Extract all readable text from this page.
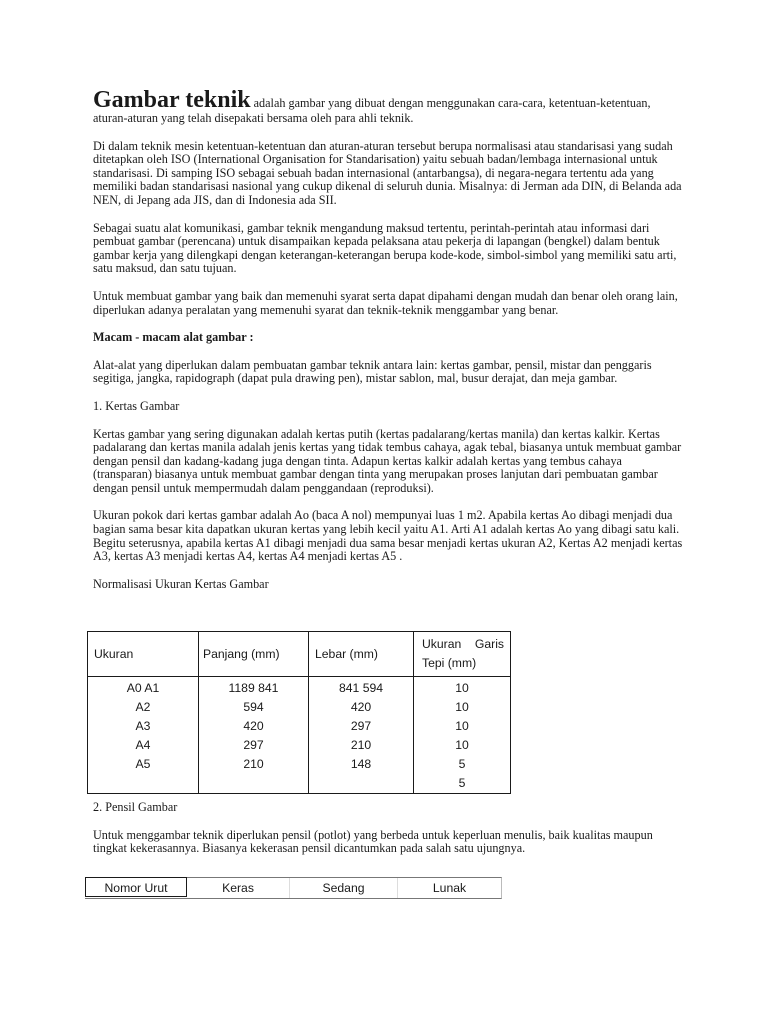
Gambar teknik adalah gambar yang dibuat dengan menggunakan cara-cara, ketentuan-ketentuan, aturan-aturan yang telah disepakati bersama oleh para ahli teknik.

Di dalam teknik mesin ketentuan-ketentuan dan aturan-aturan tersebut berupa normalisasi atau standarisasi yang sudah ditetapkan oleh ISO (International Organisation for Standarisation) yaitu sebuah badan/lembaga internasional untuk standarisasi. Di samping ISO sebagai sebuah badan internasional (antarbangsa), di negara-negara tertentu ada yang memiliki badan standarisasi nasional yang cukup dikenal di seluruh dunia. Misalnya: di Jerman ada DIN, di Belanda ada NEN, di Jepang ada JIS, dan di Indonesia ada SII.

Sebagai suatu alat komunikasi, gambar teknik mengandung maksud tertentu, perintah-perintah atau informasi dari pembuat gambar (perencana) untuk disampaikan kepada pelaksana atau pekerja di lapangan (bengkel) dalam bentuk gambar kerja yang dilengkapi dengan keterangan-keterangan berupa kode-kode, simbol-simbol yang memiliki satu arti, satu maksud, dan satu tujuan.

Untuk membuat gambar yang baik dan memenuhi syarat serta dapat dipahami dengan mudah dan benar oleh orang lain, diperlukan adanya peralatan yang memenuhi syarat dan teknik-teknik menggambar yang benar.

Macam - macam alat gambar :

Alat-alat yang diperlukan dalam pembuatan gambar teknik antara lain: kertas gambar, pensil, mistar dan penggaris segitiga, jangka, rapidograph (dapat pula drawing pen), mistar sablon, mal, busur derajat, dan meja gambar.

1. Kertas Gambar

Kertas gambar yang sering digunakan adalah kertas putih (kertas padalarang/kertas manila) dan kertas kalkir. Kertas padalarang dan kertas manila adalah jenis kertas yang tidak tembus cahaya, agak tebal, biasanya untuk membuat gambar dengan pensil dan kadang-kadang juga dengan tinta. Adapun kertas kalkir adalah kertas yang tembus cahaya (transparan) biasanya untuk membuat gambar dengan tinta yang merupakan proses lanjutan dari pembuatan gambar dengan pensil untuk mempermudah dalam penggandaan (reproduksi).

Ukuran pokok dari kertas gambar adalah Ao (baca A nol) mempunyai luas 1 m2. Apabila kertas Ao dibagi menjadi dua bagian sama besar kita dapatkan ukuran kertas yang lebih kecil yaitu A1. Arti A1 adalah kertas Ao yang dibagi satu kali. Begitu seterusnya, apabila kertas A1 dibagi menjadi dua sama besar menjadi kertas ukuran A2, Kertas A2 menjadi kertas A3, kertas A3 menjadi kertas A4, kertas A4 menjadi kertas A5 .

Normalisasi Ukuran Kertas Gambar

Ukuran	Panjang (mm)	Lebar (mm)	Ukuran Garis
Tepi (mm)

A0 A1	1189 841	841 594	10
A2	594	420	10
A3	420	297	10
A4	297	210	10
A5	210	148	5
			5

2. Pensil Gambar

Untuk menggambar teknik diperlukan pensil (potlot) yang berbeda untuk keperluan menulis, baik kualitas maupun tingkat kekerasannya. Biasanya kekerasan pensil dicantumkan pada salah satu ujungnya.

Nomor Urut	Keras	Sedang	Lunak
